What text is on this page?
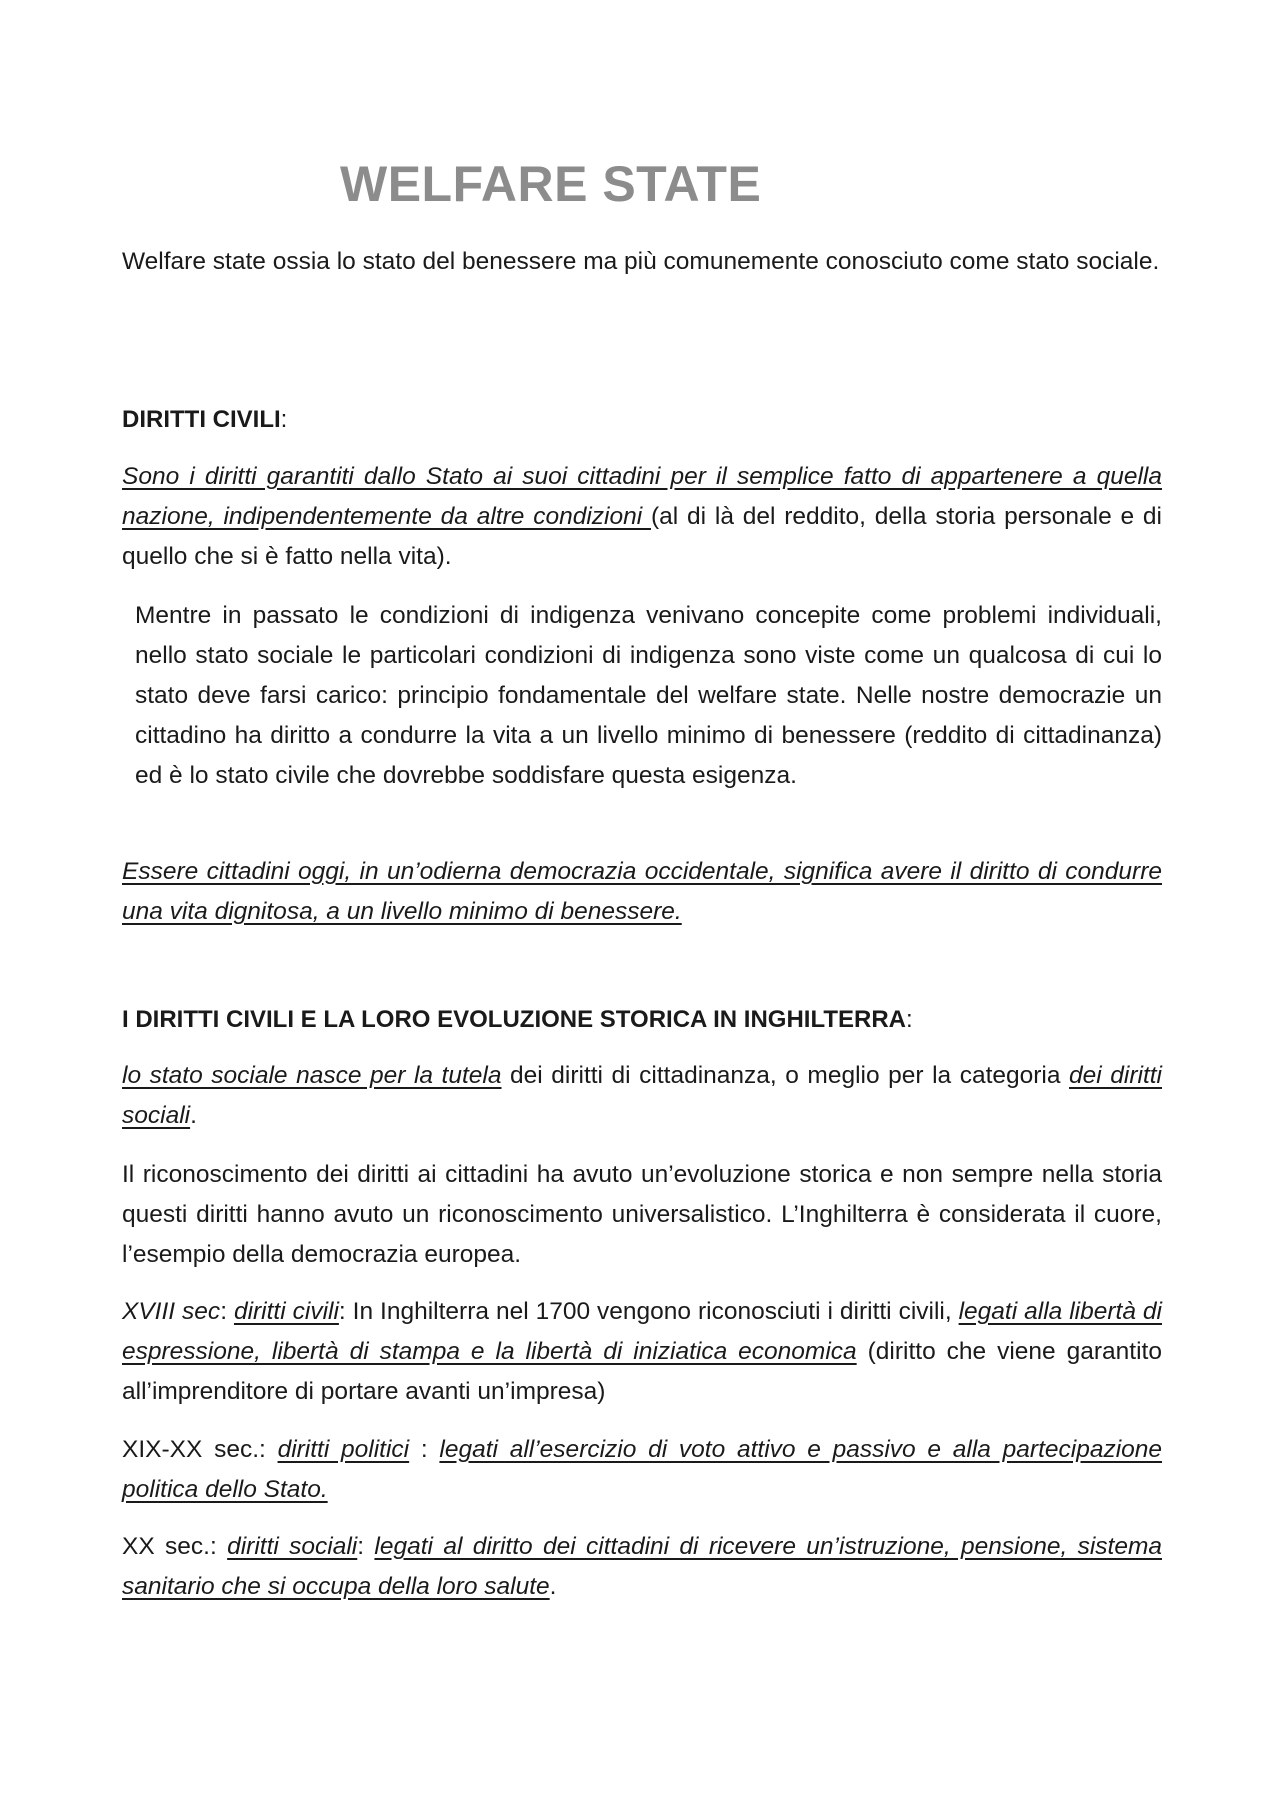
WELFARE STATE

Welfare state ossia lo stato del benessere ma più comunemente conosciuto come stato sociale.

DIRITTI CIVILI:

Sono i diritti garantiti dallo Stato ai suoi cittadini per il semplice fatto di appartenere a quella nazione, indipendentemente da altre condizioni (al di là del reddito, della storia personale e di quello che si è fatto nella vita).

Mentre in passato le condizioni di indigenza venivano concepite come problemi individuali, nello stato sociale le particolari condizioni di indigenza sono viste come un qualcosa di cui lo stato deve farsi carico: principio fondamentale del welfare state. Nelle nostre democrazie un cittadino ha diritto a condurre la vita a un livello minimo di benessere (reddito di cittadinanza) ed è lo stato civile che dovrebbe soddisfare questa esigenza.

Essere cittadini oggi, in un’odierna democrazia occidentale, significa avere il diritto di condurre una vita dignitosa, a un livello minimo di benessere.

I DIRITTI CIVILI E LA LORO EVOLUZIONE STORICA IN INGHILTERRA:

lo stato sociale nasce per la tutela dei diritti di cittadinanza, o meglio per la categoria dei diritti sociali.

Il riconoscimento dei diritti ai cittadini ha avuto un’evoluzione storica e non sempre nella storia questi diritti hanno avuto un riconoscimento universalistico. L’Inghilterra è considerata il cuore, l’esempio della democrazia europea.

XVIII sec: diritti civili: In Inghilterra nel 1700 vengono riconosciuti i diritti civili, legati alla libertà di espressione, libertà di stampa e la libertà di iniziatica economica (diritto che viene garantito all’imprenditore di portare avanti un’impresa)

XIX-XX sec.: diritti politici : legati all’esercizio di voto attivo e passivo e alla partecipazione politica dello Stato.

XX sec.: diritti sociali: legati al diritto dei cittadini di ricevere un’istruzione, pensione, sistema sanitario che si occupa della loro salute.
